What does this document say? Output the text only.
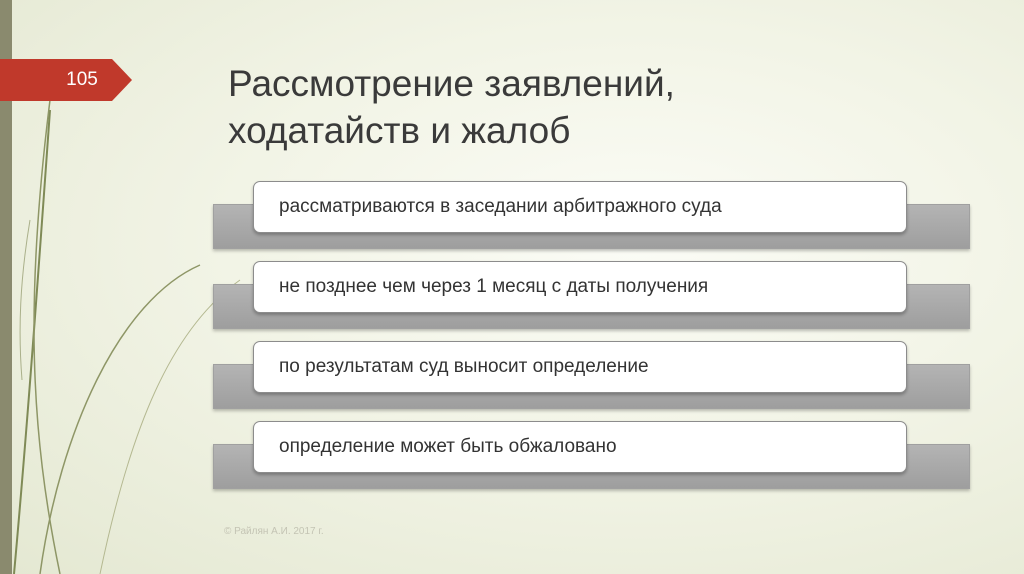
105	Рассмотрение заявлений,
ходатайств и жалоб
рассматриваются в заседании арбитражного суда
не позднее чем через 1 месяц с даты получения
по результатам суд выносит определение
определение может быть обжаловано
© Райлян А.И. 2017 г.
